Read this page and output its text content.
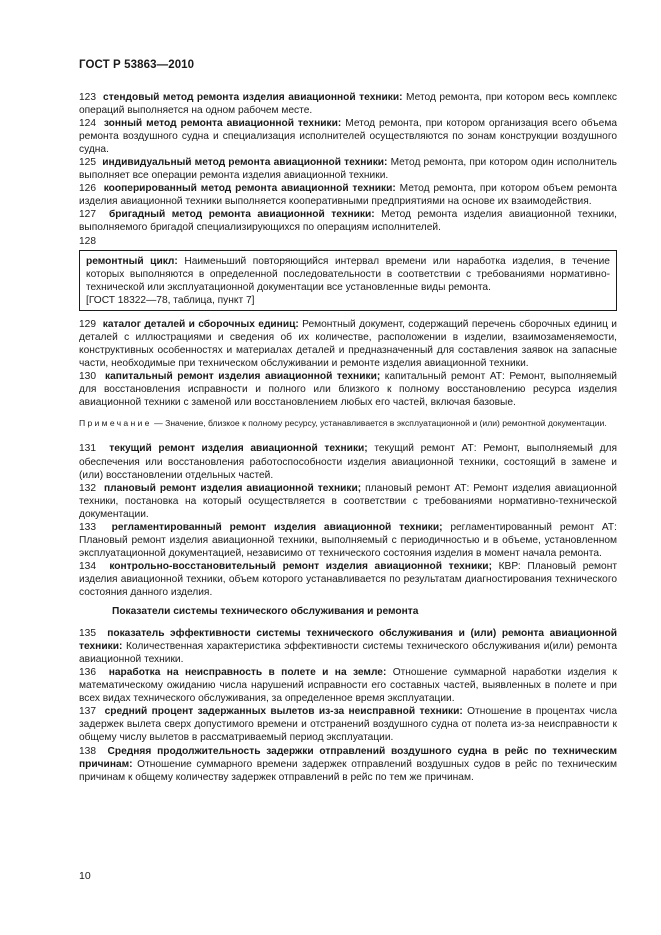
ГОСТ Р 53863—2010

123 стендовый метод ремонта изделия авиационной техники: Метод ремонта, при котором весь комплекс операций выполняется на одном рабочем месте.

124 зонный метод ремонта авиационной техники: Метод ремонта, при котором организация всего объема ремонта воздушного судна и специализация исполнителей осуществляются по зонам конструкции воздушного судна.

125 индивидуальный метод ремонта авиационной техники: Метод ремонта, при котором один исполнитель выполняет все операции ремонта изделия авиационной техники.

126 кооперированный метод ремонта авиационной техники: Метод ремонта, при котором объем ремонта изделия авиационной техники выполняется кооперативными предприятиями на основе их взаимодействия.

127 бригадный метод ремонта авиационной техники: Метод ремонта изделия авиационной техники, выполняемого бригадой специализирующихся по операциям исполнителей.

128

ремонтный цикл: Наименьший повторяющийся интервал времени или наработка изделия, в течение которых выполняются в определенной последовательности в соответствии с требованиями нормативно-технической или эксплуатационной документации все установленные виды ремонта.

[ГОСТ 18322—78, таблица, пункт 7]

129 каталог деталей и сборочных единиц: Ремонтный документ, содержащий перечень сборочных единиц и деталей с иллюстрациями и сведения об их количестве, расположении в изделии, взаимозаменяемости, конструктивных особенностях и материалах деталей и предназначенный для составления заявок на запасные части, необходимые при техническом обслуживании и ремонте изделия авиационной техники.

130 капитальный ремонт изделия авиационной техники; капитальный ремонт АТ: Ремонт, выполняемый для восстановления исправности и полного или близкого к полному восстановлению ресурса изделия авиационной техники с заменой или восстановлением любых его частей, включая базовые.

Примечание — Значение, близкое к полному ресурсу, устанавливается в эксплуатационной и (или) ремонтной документации.

131 текущий ремонт изделия авиационной техники; текущий ремонт АТ: Ремонт, выполняемый для обеспечения или восстановления работоспособности изделия авиационной техники, состоящий в замене и (или) восстановлении отдельных частей.

132 плановый ремонт изделия авиационной техники; плановый ремонт АТ: Ремонт изделия авиационной техники, постановка на который осуществляется в соответствии с требованиями нормативно-технической документации.

133 регламентированный ремонт изделия авиационной техники; регламентированный ремонт АТ: Плановый ремонт изделия авиационной техники, выполняемый с периодичностью и в объеме, установленном эксплуатационной документацией, независимо от технического состояния изделия в момент начала ремонта.

134 контрольно-восстановительный ремонт изделия авиационной техники; КВР: Плановый ремонт изделия авиационной техники, объем которого устанавливается по результатам диагностирования технического состояния данного изделия.

Показатели системы технического обслуживания и ремонта

135 показатель эффективности системы технического обслуживания и (или) ремонта авиационной техники: Количественная характеристика эффективности системы технического обслуживания и(или) ремонта авиационной техники.

136 наработка на неисправность в полете и на земле: Отношение суммарной наработки изделия к математическому ожиданию числа нарушений исправности его составных частей, выявленных в полете и при всех видах технического обслуживания, за определенное время эксплуатации.

137 средний процент задержанных вылетов из-за неисправной техники: Отношение в процентах числа задержек вылета сверх допустимого времени и отстранений воздушного судна от полета из-за неисправности к общему числу вылетов в рассматриваемый период эксплуатации.

138 Средняя продолжительность задержки отправлений воздушного судна в рейс по техническим причинам: Отношение суммарного времени задержек отправлений воздушных судов в рейс по техническим причинам к общему количеству задержек отправлений в рейс по тем же причинам.

10
